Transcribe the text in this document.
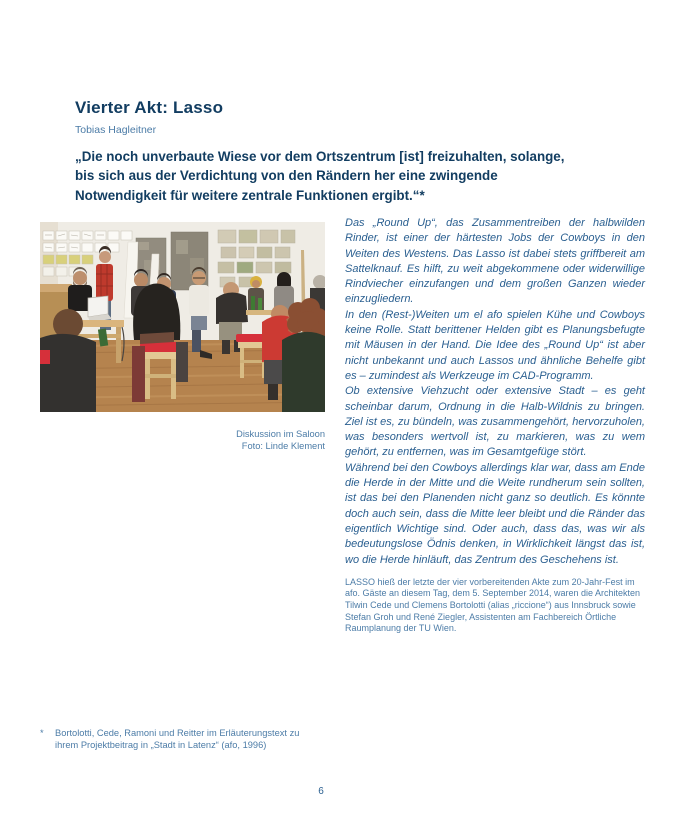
Vierter Akt: Lasso
Tobias Hagleitner
„Die noch unverbaute Wiese vor dem Ortszentrum [ist] freizuhalten, solange, bis sich aus der Verdichtung von den Rändern her eine zwingende Notwendigkeit für weitere zentrale Funktionen ergibt.“*
Diskussion im Saloon
Foto: Linde Klement

Das „Round Up“, das Zusammentreiben der halbwilden Rinder, ist einer der härtesten Jobs der Cowboys in den Weiten des Westens. Das Lasso ist dabei stets griffbereit am Sattelknauf. Es hilft, zu weit abgekommene oder widerwillige Rindviecher einzufangen und dem großen Ganzen wieder einzugliedern.

In den (Rest-)Weiten um el afo spielen Kühe und Cowboys keine Rolle. Statt berittener Helden gibt es Planungsbefugte mit Mäusen in der Hand. Die Idee des „Round Up“ ist aber nicht unbekannt und auch Lassos und ähnliche Behelfe gibt es – zumindest als Werkzeuge im CAD-Programm.

Ob extensive Viehzucht oder extensive Stadt – es geht scheinbar darum, Ordnung in die Halb-Wildnis zu bringen. Ziel ist es, zu bündeln, was zusammengehört, hervorzuholen, was besonders wertvoll ist, zu markieren, was zu wem gehört, zu entfernen, was im Gesamtgefüge stört.

Während bei den Cowboys allerdings klar war, dass am Ende die Herde in der Mitte und die Weite rundherum sein sollten, ist das bei den Planenden nicht ganz so deutlich. Es könnte doch auch sein, dass die Mitte leer bleibt und die Ränder das eigentlich Wichtige sind. Oder auch, dass das, was wir als bedeutungslose Ödnis denken, in Wirklichkeit längst das ist, wo die Herde hinläuft, das Zentrum des Geschehens ist.

LASSO hieß der letzte der vier vorbereitenden Akte zum 20-Jahr-Fest im afo. Gäste an diesem Tag, dem 5. September 2014, waren die Architekten Tilwin Cede und Clemens Bortolotti (alias „riccione“) aus Innsbruck sowie Stefan Groh und René Ziegler, Assistenten am Fachbereich Örtliche Raumplanung der TU Wien.

*	Bortolotti, Cede, Ramoni und Reitter im Erläuterungstext zu ihrem Projektbeitrag in „Stadt in Latenz“ (afo, 1996)
6
